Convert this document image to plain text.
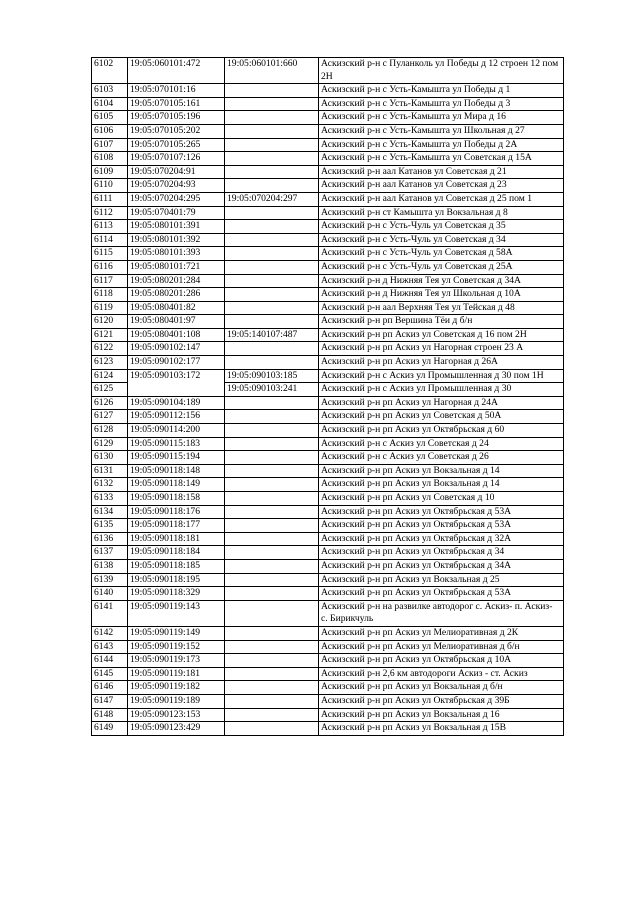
6102	19:05:060101:472	19:05:060101:660	Аскизский р-н с Пуланколь ул Победы д 12 строен 12 пом 2Н
6103	19:05:070101:16		Аскизский р-н с Усть-Камышта ул Победы д 1
6104	19:05:070105:161		Аскизский р-н с Усть-Камышта ул Победы д 3
6105	19:05:070105:196		Аскизский р-н с Усть-Камышта ул Мира д 16
6106	19:05:070105:202		Аскизский р-н с Усть-Камышта ул Школьная д 27
6107	19:05:070105:265		Аскизский р-н с Усть-Камышта ул Победы д 2А
6108	19:05:070107:126		Аскизский р-н с Усть-Камышта ул Советская д 15А
6109	19:05:070204:91		Аскизский р-н аал Катанов ул Советская д 21
6110	19:05:070204:93		Аскизский р-н аал Катанов ул Советская д 23
6111	19:05:070204:295	19:05:070204:297	Аскизский р-н аал Катанов ул Советская д 25 пом 1
6112	19:05:070401:79		Аскизский р-н ст Камышта ул Вокзальная д 8
6113	19:05:080101:391		Аскизский р-н с Усть-Чуль ул Советская д 35
6114	19:05:080101:392		Аскизский р-н с Усть-Чуль ул Советская д 34
6115	19:05:080101:393		Аскизский р-н с Усть-Чуль ул Советская д 58А
6116	19:05:080101:721		Аскизский р-н с Усть-Чуль ул Советская д 25А
6117	19:05:080201:284		Аскизский р-н д Нижняя Тея ул Советская д 34А
6118	19:05:080201:286		Аскизский р-н д Нижняя Тея ул Школьная д 10А
6119	19:05:080401:82		Аскизский р-н аал Верхняя Тея ул Тейская д 48
6120	19:05:080401:97		Аскизский р-н рп Вершина Тёи д б/н
6121	19:05:080401:108	19:05:140107:487	Аскизский р-н рп Аскиз ул Советская д 16 пом 2Н
6122	19:05:090102:147		Аскизский р-н рп Аскиз ул Нагорная строен 23 А
6123	19:05:090102:177		Аскизский р-н рп Аскиз ул Нагорная д 26А
6124	19:05:090103:172	19:05:090103:185	Аскизский р-н с Аскиз ул Промышленная д 30 пом 1Н
6125		19:05:090103:241	Аскизский р-н с Аскиз ул Промышленная д 30
6126	19:05:090104:189		Аскизский р-н рп Аскиз ул Нагорная д 24А
6127	19:05:090112:156		Аскизский р-н рп Аскиз ул Советская д 50А
6128	19:05:090114:200		Аскизский р-н рп Аскиз ул Октябрьская д 60
6129	19:05:090115:183		Аскизский р-н с Аскиз ул Советская д 24
6130	19:05:090115:194		Аскизский р-н с Аскиз ул Советская д 26
6131	19:05:090118:148		Аскизский р-н рп Аскиз ул Вокзальная д 14
6132	19:05:090118:149		Аскизский р-н рп Аскиз ул Вокзальная д 14
6133	19:05:090118:158		Аскизский р-н рп Аскиз ул Советская д 10
6134	19:05:090118:176		Аскизский р-н рп Аскиз ул Октябрьская д 53А
6135	19:05:090118:177		Аскизский р-н рп Аскиз ул Октябрьская д 53А
6136	19:05:090118:181		Аскизский р-н рп Аскиз ул Октябрьская д 32А
6137	19:05:090118:184		Аскизский р-н рп Аскиз ул Октябрьская д 34
6138	19:05:090118:185		Аскизский р-н рп Аскиз ул Октябрьская д 34А
6139	19:05:090118:195		Аскизский р-н рп Аскиз ул Вокзальная д 25
6140	19:05:090118:329		Аскизский р-н рп Аскиз ул Октябрьская д 53А
6141	19:05:090119:143		Аскизский р-н на развилке автодорог с. Аскиз- п. Аскиз- с. Бирикчуль
6142	19:05:090119:149		Аскизский р-н рп Аскиз ул Мелиоративная д 2К
6143	19:05:090119:152		Аскизский р-н рп Аскиз ул Мелиоративная д б/н
6144	19:05:090119:173		Аскизский р-н рп Аскиз ул Октябрьская д 10А
6145	19:05:090119:181		Аскизский р-н 2,6 км автодороги Аскиз - ст. Аскиз
6146	19:05:090119:182		Аскизский р-н рп Аскиз ул Вокзальная д б/н
6147	19:05:090119:189		Аскизский р-н рп Аскиз ул Октябрьская д 39Б
6148	19:05:090123:153		Аскизский р-н рп Аскиз ул Вокзальная д 16
6149	19:05:090123:429		Аскизский р-н рп Аскиз ул Вокзальная д 15В
